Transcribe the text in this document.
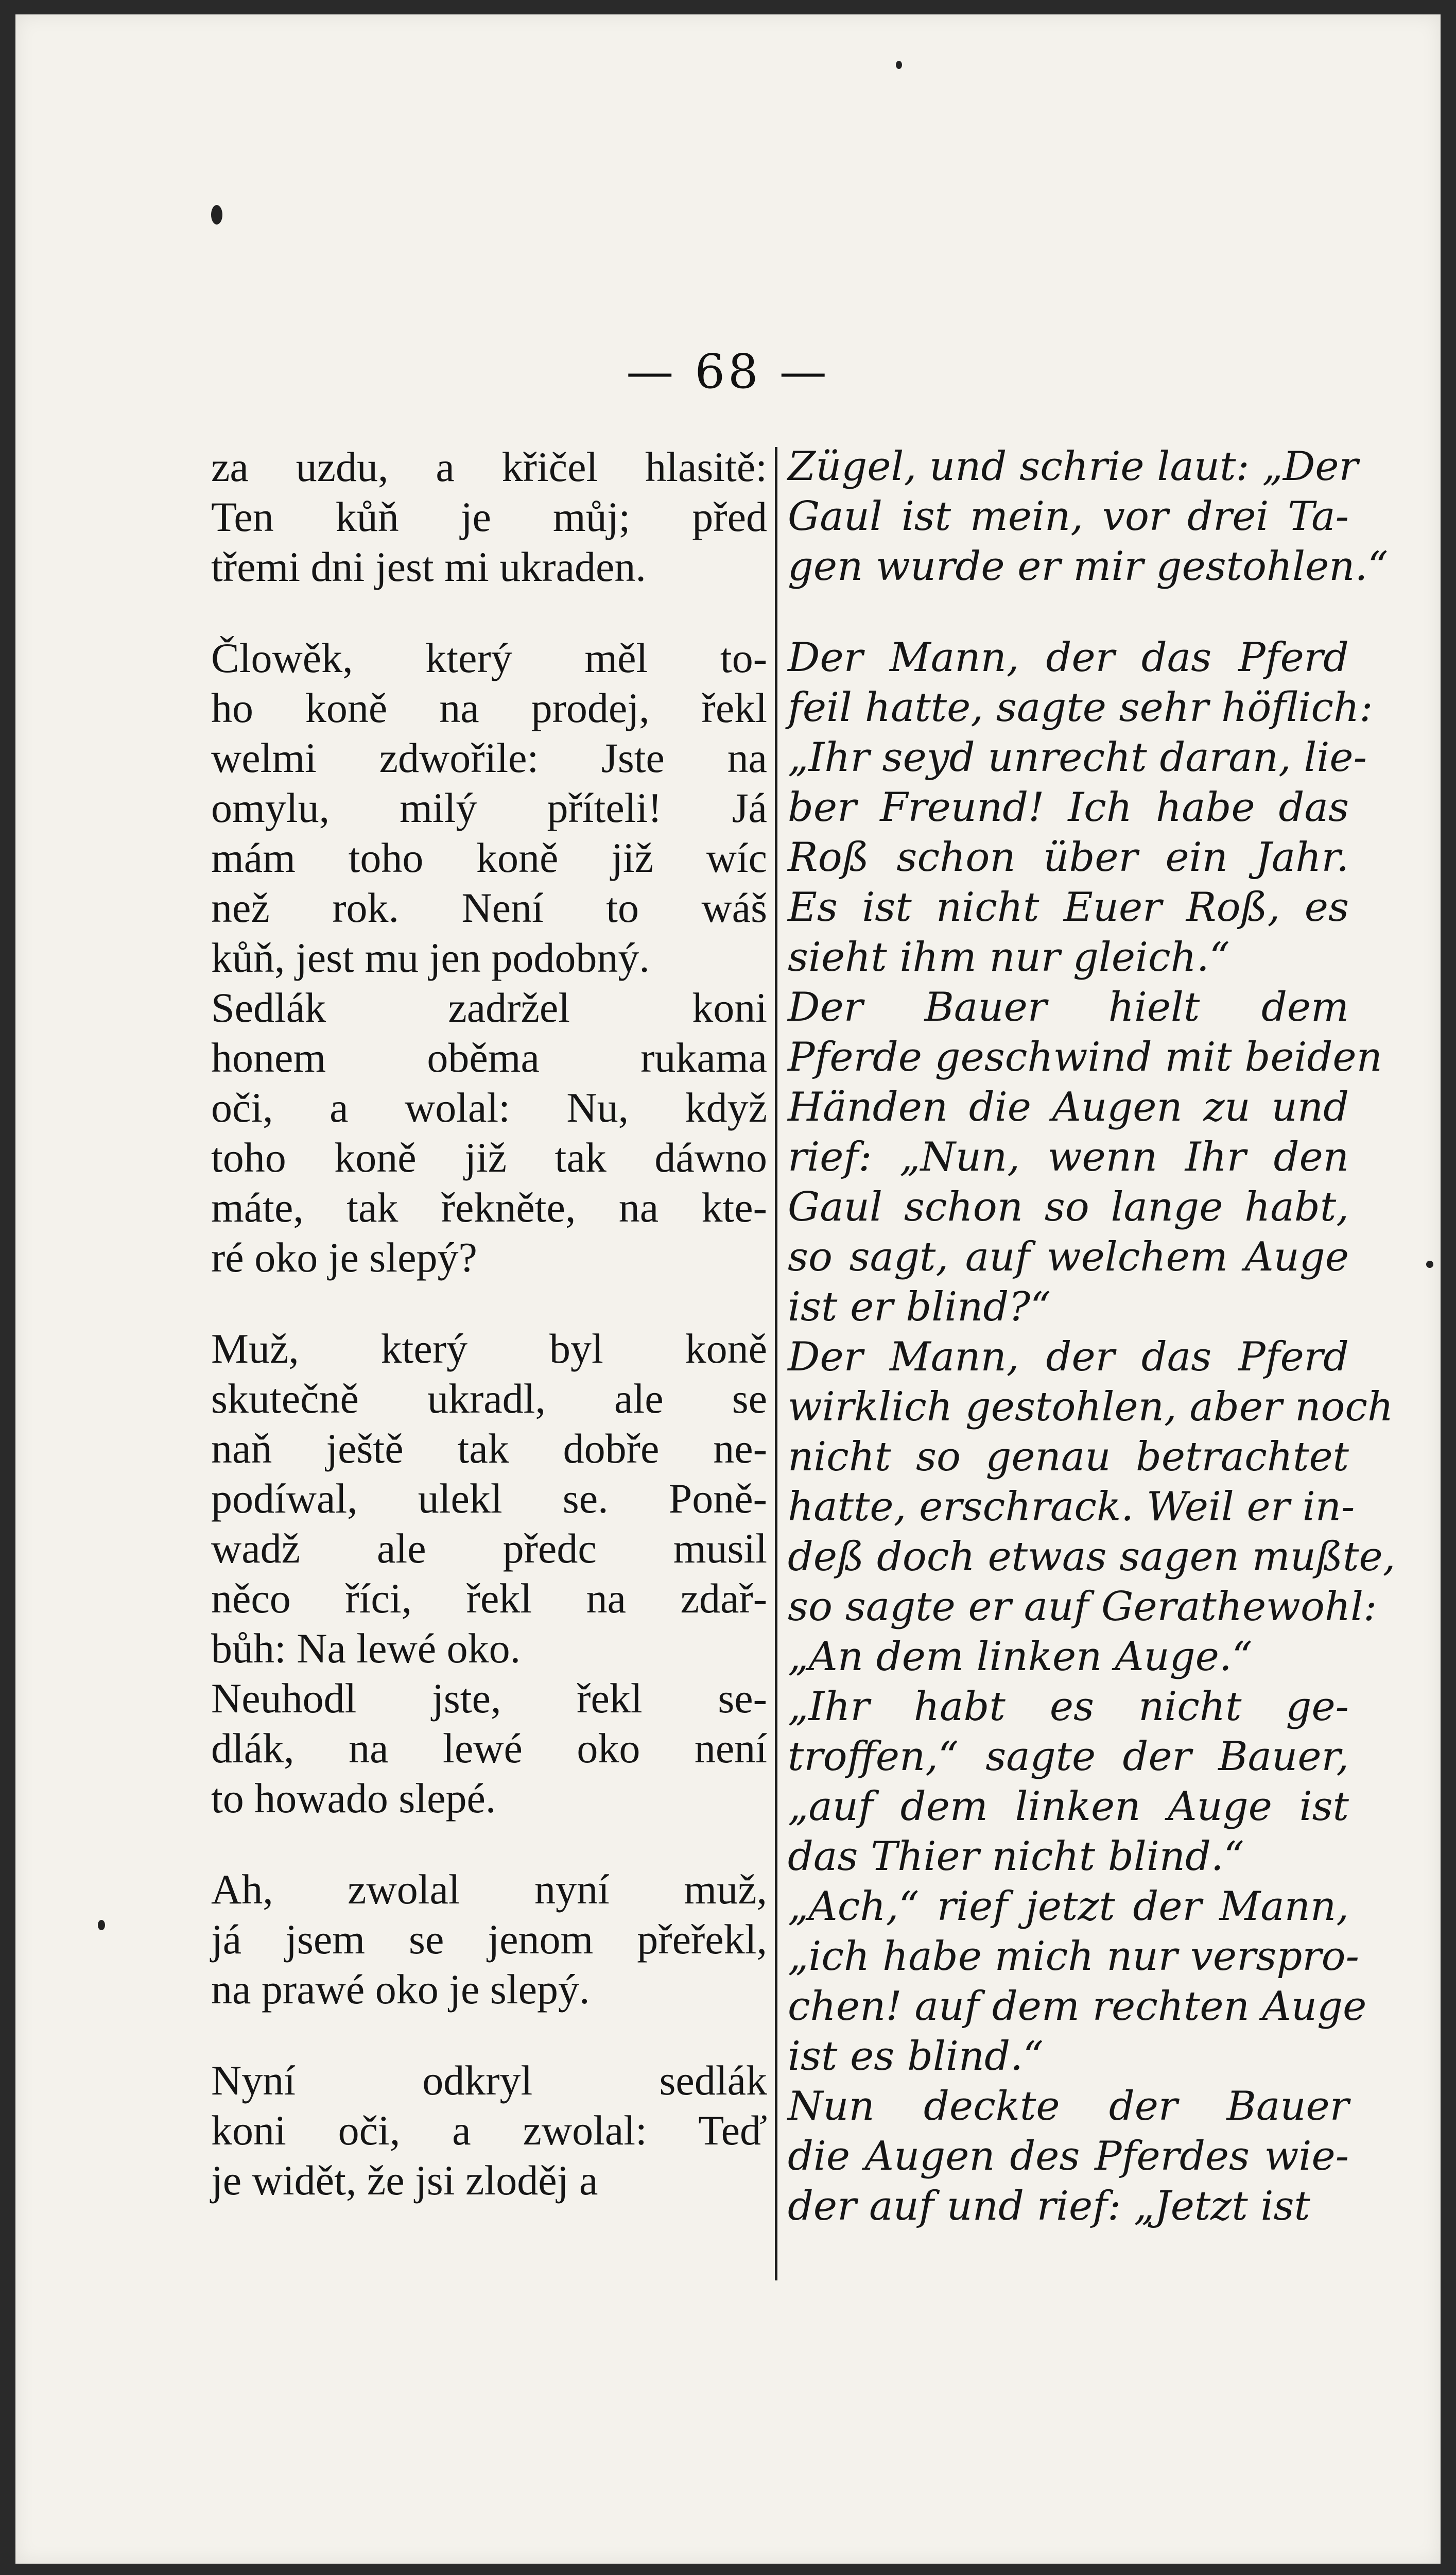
— 68 —
za uzdu, a křičel hlasitě:
Ten kůň je můj; před
třemi dni jest mi ukraden.
Člowěk, který měl to-
ho koně na prodej, řekl
welmi zdwořile: Jste na
omylu, milý příteli! Já
mám toho koně již wíc
než rok. Není to wáš
kůň, jest mu jen podobný.
Sedlák zadržel koni
honem oběma rukama
oči, a wolal: Nu, když
toho koně již tak dáwno
máte, tak řekněte, na kte-
ré oko je slepý?
Muž, který byl koně
skutečně ukradl, ale se
naň ještě tak dobře ne-
podíwal, ulekl se. Poně-
wadž ale předc musil
něco říci, řekl na zdař-
bůh: Na lewé oko.
Neuhodl jste, řekl se-
dlák, na lewé oko není
to howado slepé.
Ah, zwolal nyní muž,
já jsem se jenom přeřekl,
na prawé oko je slepý.
Nyní odkryl sedlák
koni oči, a zwolal: Teď
je widět, že jsi zloděj a
Zügel, und schrie laut: „Der
Gaul ist mein, vor drei Ta-
gen wurde er mir gestohlen.“
Der Mann, der das Pferd
feil hatte, sagte sehr höflich:
„Ihr seyd unrecht daran, lie-
ber Freund! Ich habe das
Roß schon über ein Jahr.
Es ist nicht Euer Roß, es
sieht ihm nur gleich.“
Der Bauer hielt dem
Pferde geschwind mit beiden
Händen die Augen zu und
rief: „Nun, wenn Ihr den
Gaul schon so lange habt,
so sagt, auf welchem Auge
ist er blind?“
Der Mann, der das Pferd
wirklich gestohlen, aber noch
nicht so genau betrachtet
hatte, erschrack. Weil er in-
deß doch etwas sagen mußte,
so sagte er auf Gerathewohl:
„An dem linken Auge.“
„Ihr habt es nicht ge-
troffen,“ sagte der Bauer,
„auf dem linken Auge ist
das Thier nicht blind.“
„Ach,“ rief jetzt der Mann,
„ich habe mich nur verspro-
chen! auf dem rechten Auge
ist es blind.“
Nun deckte der Bauer
die Augen des Pferdes wie-
der auf und rief: „Jetzt ist
